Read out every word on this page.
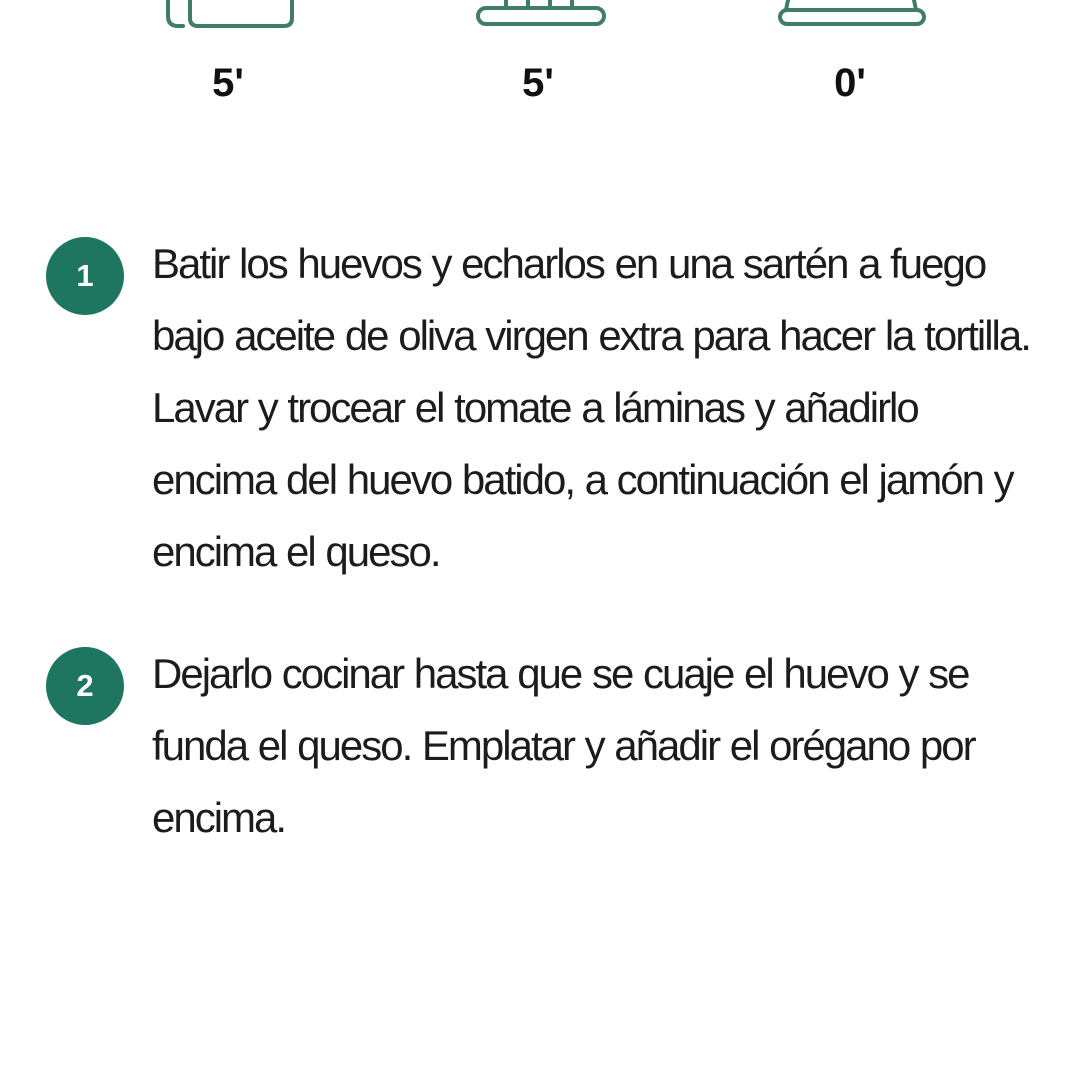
5'	5'	0'
1	Batir los huevos y echarlos en una sartén a fuego bajo aceite de oliva virgen extra para hacer la tortilla. Lavar y trocear el tomate a láminas y añadirlo encima del huevo batido, a continuación el jamón y encima el queso.
2	Dejarlo cocinar hasta que se cuaje el huevo y se funda el queso. Emplatar y añadir el orégano por encima.
